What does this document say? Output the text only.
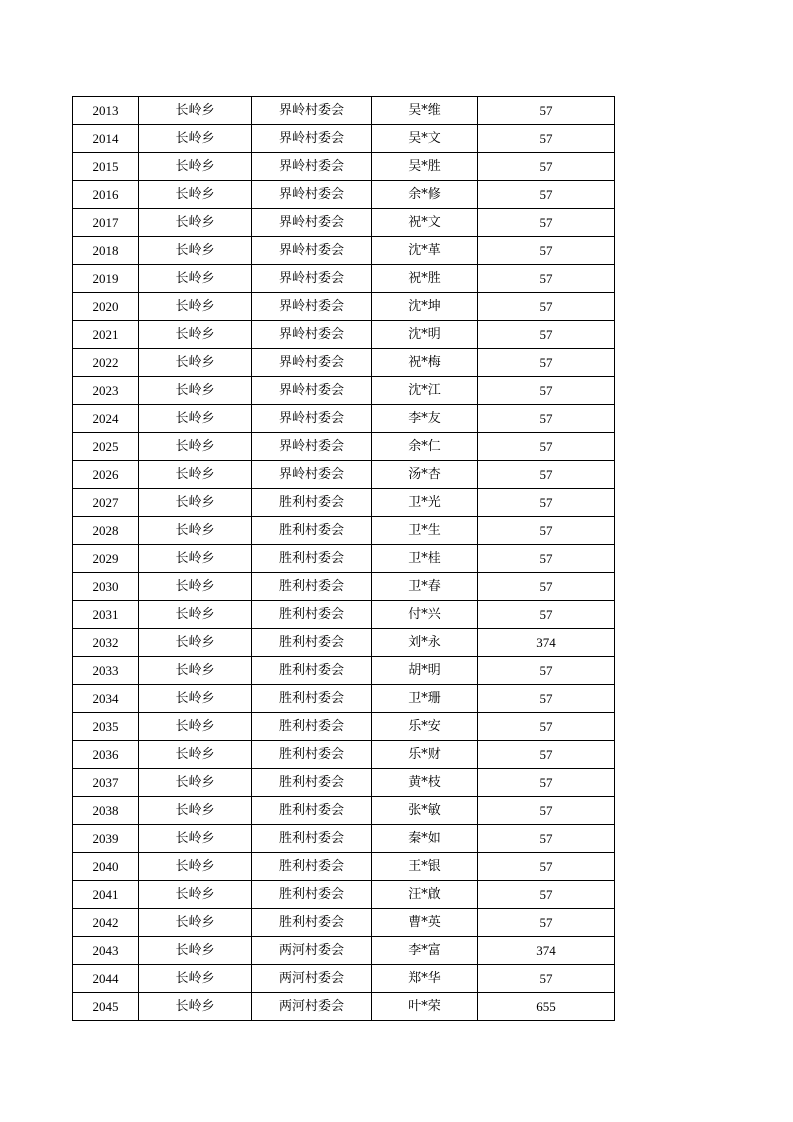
2013	长岭乡	界岭村委会	吴*维	57
2014	长岭乡	界岭村委会	吴*文	57
2015	长岭乡	界岭村委会	吴*胜	57
2016	长岭乡	界岭村委会	余*修	57
2017	长岭乡	界岭村委会	祝*文	57
2018	长岭乡	界岭村委会	沈*革	57
2019	长岭乡	界岭村委会	祝*胜	57
2020	长岭乡	界岭村委会	沈*坤	57
2021	长岭乡	界岭村委会	沈*明	57
2022	长岭乡	界岭村委会	祝*梅	57
2023	长岭乡	界岭村委会	沈*江	57
2024	长岭乡	界岭村委会	李*友	57
2025	长岭乡	界岭村委会	余*仁	57
2026	长岭乡	界岭村委会	汤*杏	57
2027	长岭乡	胜利村委会	卫*光	57
2028	长岭乡	胜利村委会	卫*生	57
2029	长岭乡	胜利村委会	卫*桂	57
2030	长岭乡	胜利村委会	卫*春	57
2031	长岭乡	胜利村委会	付*兴	57
2032	长岭乡	胜利村委会	刘*永	374
2033	长岭乡	胜利村委会	胡*明	57
2034	长岭乡	胜利村委会	卫*珊	57
2035	长岭乡	胜利村委会	乐*安	57
2036	长岭乡	胜利村委会	乐*财	57
2037	长岭乡	胜利村委会	黄*枝	57
2038	长岭乡	胜利村委会	张*敏	57
2039	长岭乡	胜利村委会	秦*如	57
2040	长岭乡	胜利村委会	王*银	57
2041	长岭乡	胜利村委会	汪*啟	57
2042	长岭乡	胜利村委会	曹*英	57
2043	长岭乡	两河村委会	李*富	374
2044	长岭乡	两河村委会	郑*华	57
2045	长岭乡	两河村委会	叶*荣	655
